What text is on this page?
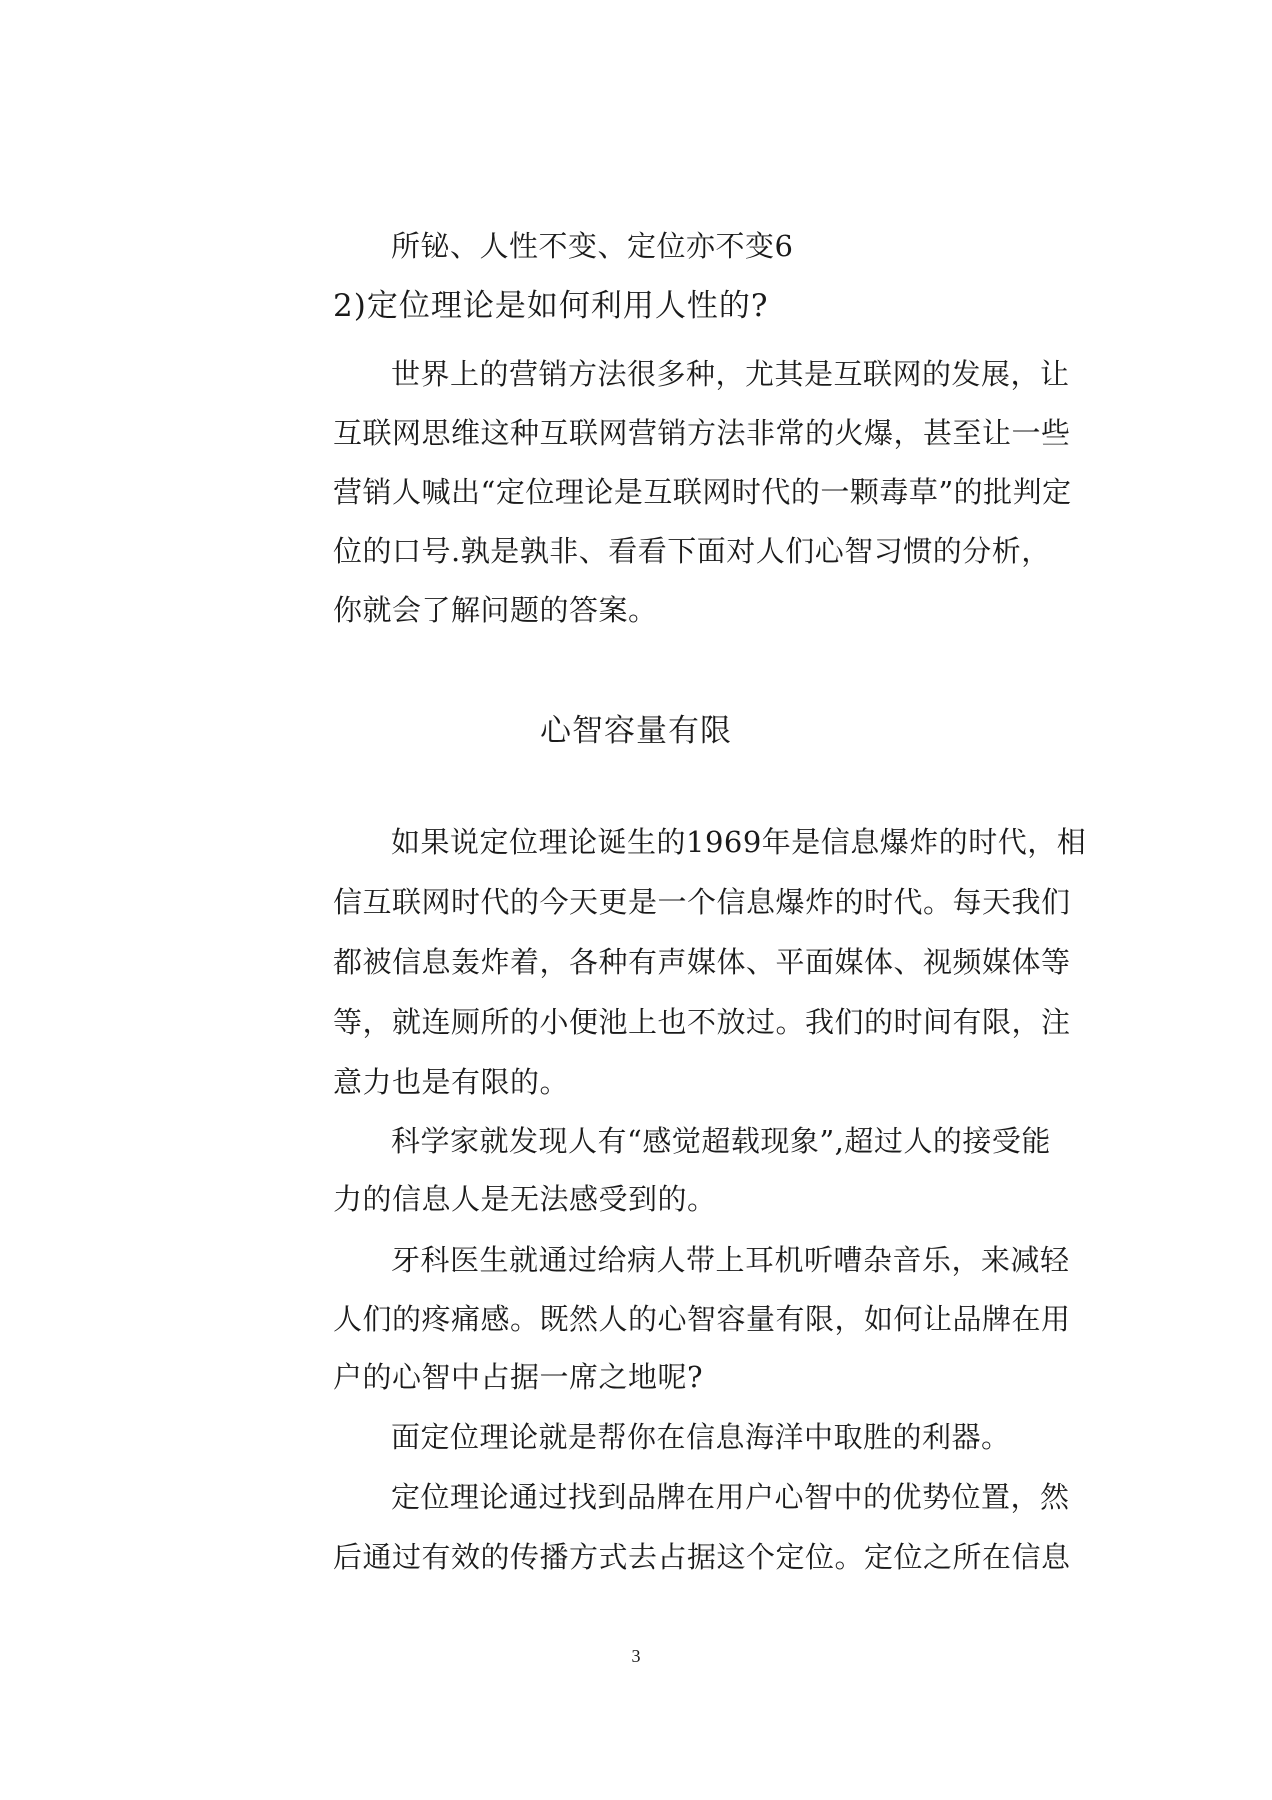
所铋、人性不变、定位亦不变6
2)定位理论是如何利用人性的?
世界上的营销方法很多种，尤其是互联网的发展，让
互联网思维这种互联网营销方法非常的火爆，甚至让一些
营销人喊出“定位理论是互联网时代的一颗毒草”的批判定
位的口号.孰是孰非、看看下面对人们心智习惯的分析，
你就会了解问题的答案。
心智容量有限
如果说定位理论诞生的1969年是信息爆炸的时代，相
信互联网时代的今天更是一个信息爆炸的时代。每天我们
都被信息轰炸着，各种有声媒体、平面媒体、视频媒体等
等，就连厕所的小便池上也不放过。我们的时间有限，注
意力也是有限的。
科学家就发现人有“感觉超载现象”,超过人的接受能
力的信息人是无法感受到的。
牙科医生就通过给病人带上耳机听嘈杂音乐，来减轻
人们的疼痛感。既然人的心智容量有限，如何让品牌在用
户的心智中占据一席之地呢?
面定位理论就是帮你在信息海洋中取胜的利器。
定位理论通过找到品牌在用户心智中的优势位置，然
后通过有效的传播方式去占据这个定位。定位之所在信息
3
